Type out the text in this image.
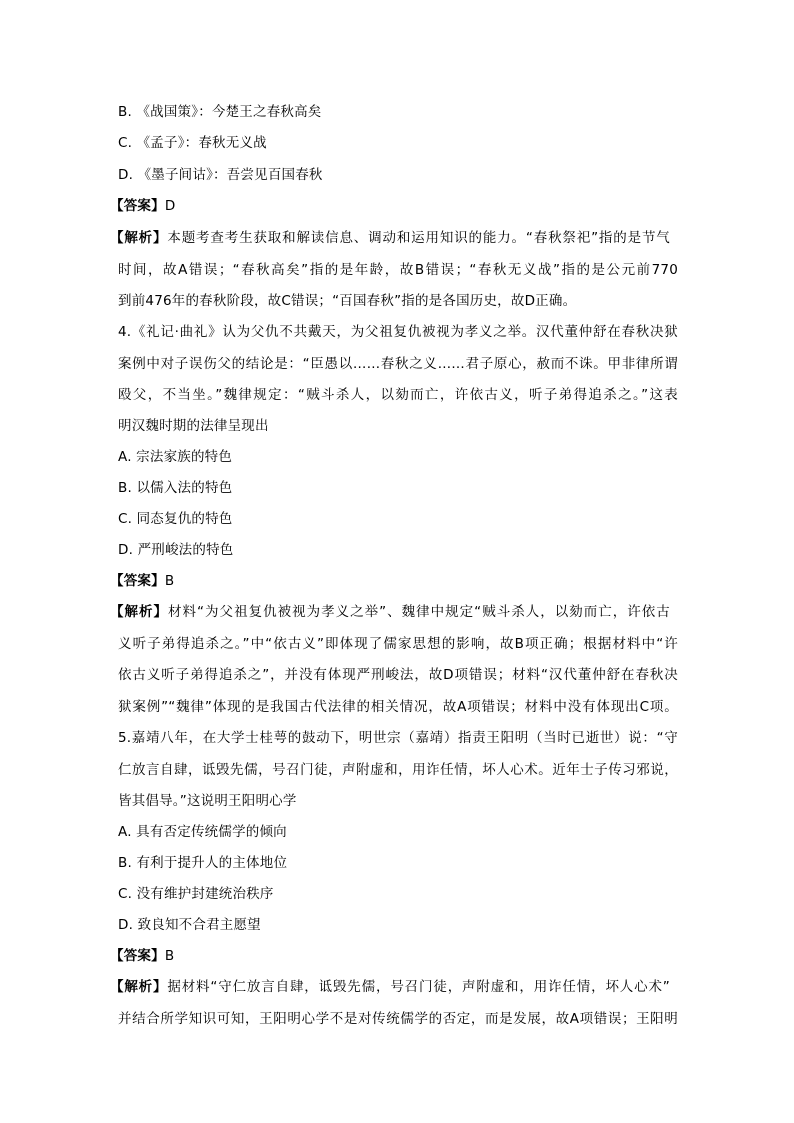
B. 《战国策》：今楚王之春秋高矣
C. 《孟子》：春秋无义战
D. 《墨子间诂》：吾尝见百国春秋
【答案】D
【解析】本题考查考生获取和解读信息、调动和运用知识的能力。“春秋祭祀”指的是节气
时间，故A错误；“春秋高矣”指的是年龄，故B错误；“春秋无义战”指的是公元前770
到前476年的春秋阶段，故C错误；“百国春秋”指的是各国历史，故D正确。
4.《礼记·曲礼》认为父仇不共戴天，为父祖复仇被视为孝义之举。汉代董仲舒在春秋决狱
案例中对子误伤父的结论是：“臣愚以……春秋之义……君子原心，赦而不诛。甲非律所谓
殴父，不当坐。”魏律规定：“贼斗杀人，以劾而亡，许依古义，听子弟得追杀之。”这表
明汉魏时期的法律呈现出
A. 宗法家族的特色
B. 以儒入法的特色
C. 同态复仇的特色
D. 严刑峻法的特色
【答案】B
【解析】材料“为父祖复仇被视为孝义之举”、魏律中规定“贼斗杀人，以劾而亡，许依古
义听子弟得追杀之。”中“依古义”即体现了儒家思想的影响，故B项正确；根据材料中“许
依古义听子弟得追杀之”，并没有体现严刑峻法，故D项错误；材料“汉代董仲舒在春秋决
狱案例”“魏律”体现的是我国古代法律的相关情况，故A项错误；材料中没有体现出C项。
5.嘉靖八年，在大学士桂萼的鼓动下，明世宗（嘉靖）指责王阳明（当时已逝世）说：“守
仁放言自肆，诋毁先儒，号召门徒，声附虚和，用诈任情，坏人心术。近年士子传习邪说，
皆其倡导。”这说明王阳明心学
A. 具有否定传统儒学的倾向
B. 有利于提升人的主体地位
C. 没有维护封建统治秩序
D. 致良知不合君主愿望
【答案】B
【解析】据材料“守仁放言自肆，诋毁先儒，号召门徒，声附虚和，用诈任情，坏人心术”
并结合所学知识可知，王阳明心学不是对传统儒学的否定，而是发展，故A项错误；王阳明
